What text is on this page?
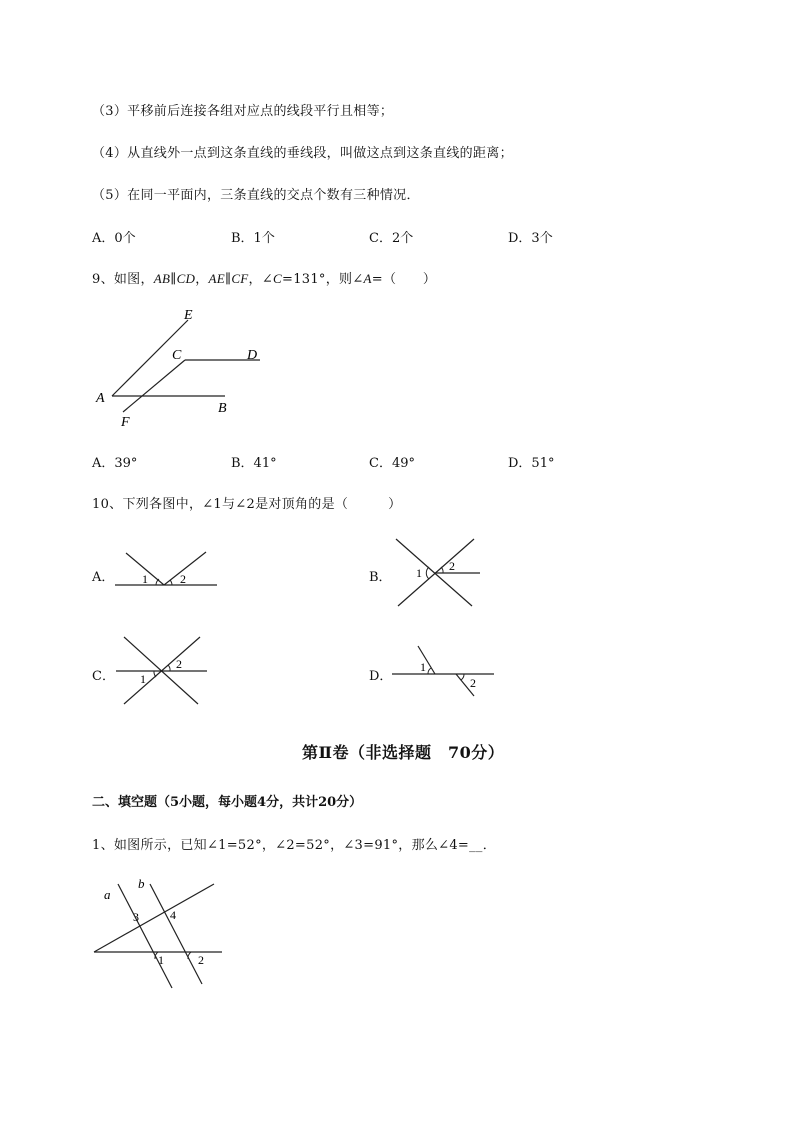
（3）平移前后连接各组对应点的线段平行且相等；
（4）从直线外一点到这条直线的垂线段，叫做这点到这条直线的距离；
（5）在同一平面内，三条直线的交点个数有三种情况．
A．0个	B．1个	C．2个	D．3个
9、如图，AB∥CD，AE∥CF，∠C=131°，则∠A=（　　）
E
C	D
A
B
F
A．39°	B．41°	C．49°	D．51°
10、下列各图中，∠1与∠2是对顶角的是（　　　）
A． 1	2	B． 1 2
C． 1
2
D．
1
2
第Ⅱ卷（非选择题　70分）
二、填空题（5小题，每小题4分，共计20分）
1、如图所示，已知∠1=52°，∠2=52°，∠3=91°，那么∠4=__．
a
b
3	4
1	2
